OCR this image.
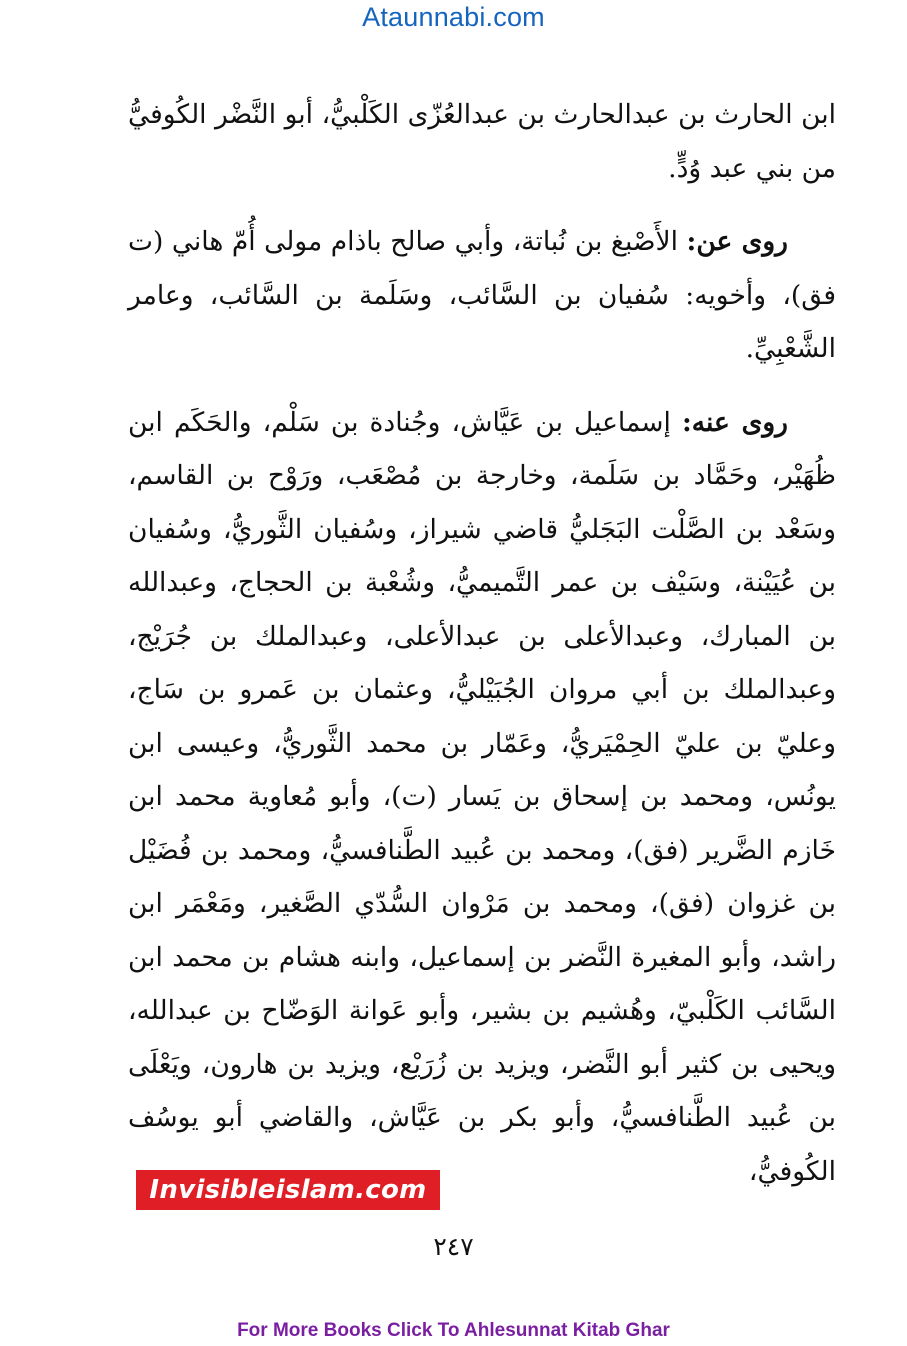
Ataunnabi.com

ابن الحارث بن عبدالحارث بن عبدالعُزّى الكَلْبيُّ، أبو النَّضْر الكُوفيُّ من بني عبد وُدٍّ.

روى عن: الأَصْبغ بن نُباتة، وأبي صالح باذام مولى أُمّ هاني (ت فق)، وأخويه: سُفيان بن السَّائب، وسَلَمة بن السَّائب، وعامر الشَّعْبِيِّ.

روى عنه: إسماعيل بن عَيَّاش، وجُنادة بن سَلْم، والحَكَم ابن ظُهَيْر، وحَمَّاد بن سَلَمة، وخارجة بن مُصْعَب، ورَوْح بن القاسم، وسَعْد بن الصَّلْت البَجَليُّ قاضي شيراز، وسُفيان الثَّوريُّ، وسُفيان بن عُيَيْنة، وسَيْف بن عمر التَّميميُّ، وشُعْبة بن الحجاج، وعبدالله بن المبارك، وعبدالأعلى بن عبدالأعلى، وعبدالملك بن جُرَيْج، وعبدالملك بن أبي مروان الجُبَيْليُّ، وعثمان بن عَمرو بن سَاج، وعليّ بن عليّ الحِمْيَريُّ، وعَمّار بن محمد الثَّوريُّ، وعيسى ابن يونُس، ومحمد بن إسحاق بن يَسار (ت)، وأبو مُعاوية محمد ابن خَازم الضَّرير (فق)، ومحمد بن عُبيد الطَّنافسيُّ، ومحمد بن فُضَيْل بن غزوان (فق)، ومحمد بن مَرْوان السُّدّي الصَّغير، ومَعْمَر ابن راشد، وأبو المغيرة النَّضر بن إسماعيل، وابنه هشام بن محمد ابن السَّائب الكَلْبيّ، وهُشيم بن بشير، وأبو عَوانة الوَضّاح بن عبدالله، ويحيى بن كثير أبو النَّضر، ويزيد بن زُرَيْع، ويزيد بن هارون، ويَعْلَى بن عُبيد الطَّنافسيُّ، وأبو بكر بن عَيَّاش، والقاضي أبو يوسُف الكُوفيُّ،

Invisibleislam.com
٢٤٧
For More Books Click To Ahlesunnat Kitab Ghar
